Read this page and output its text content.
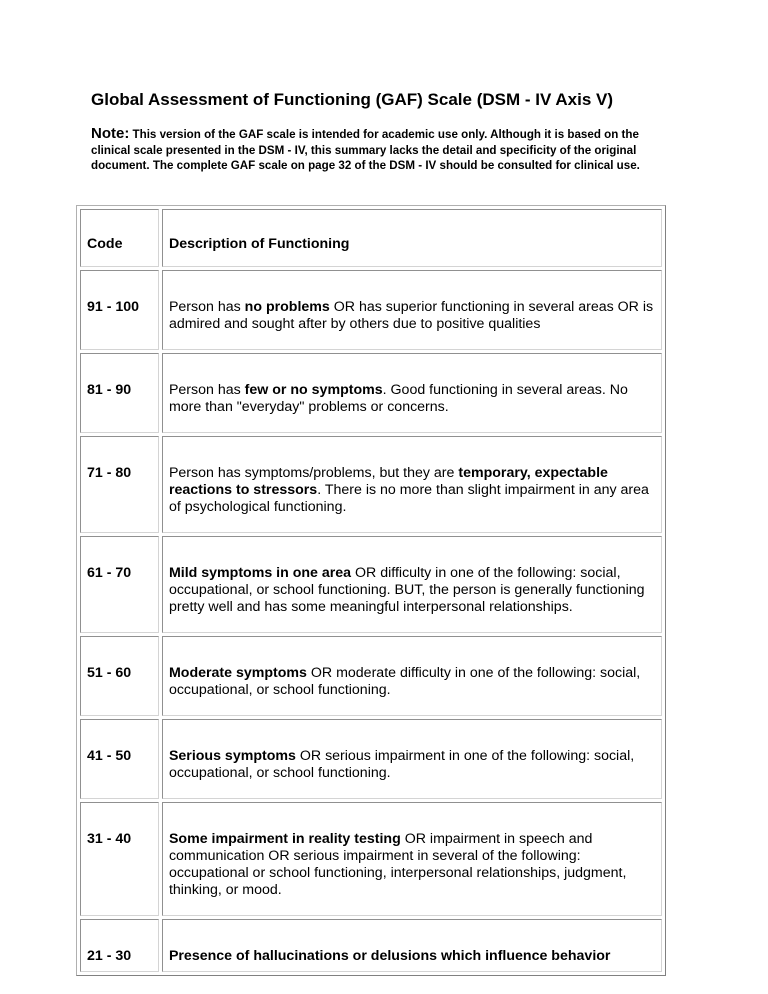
Global Assessment of Functioning (GAF) Scale (DSM - IV Axis V)
Note: This version of the GAF scale is intended for academic use only. Although it is based on the clinical scale presented in the DSM - IV, this summary lacks the detail and specificity of the original document. The complete GAF scale on page 32 of the DSM - IV should be consulted for clinical use.
Code	Description of Functioning

91 - 100	Person has no problems OR has superior functioning in several areas OR is admired and sought after by others due to positive qualities

81 - 90	Person has few or no symptoms. Good functioning in several areas. No more than "everyday" problems or concerns.

71 - 80	Person has symptoms/problems, but they are temporary, expectable reactions to stressors. There is no more than slight impairment in any area of psychological functioning.

61 - 70	Mild symptoms in one area OR difficulty in one of the following: social, occupational, or school functioning. BUT, the person is generally functioning pretty well and has some meaningful interpersonal relationships.

51 - 60	Moderate symptoms OR moderate difficulty in one of the following: social, occupational, or school functioning.

41 - 50	Serious symptoms OR serious impairment in one of the following: social, occupational, or school functioning.

31 - 40	Some impairment in reality testing OR impairment in speech and communication OR serious impairment in several of the following: occupational or school functioning, interpersonal relationships, judgment, thinking, or mood.

21 - 30	Presence of hallucinations or delusions which influence behavior
